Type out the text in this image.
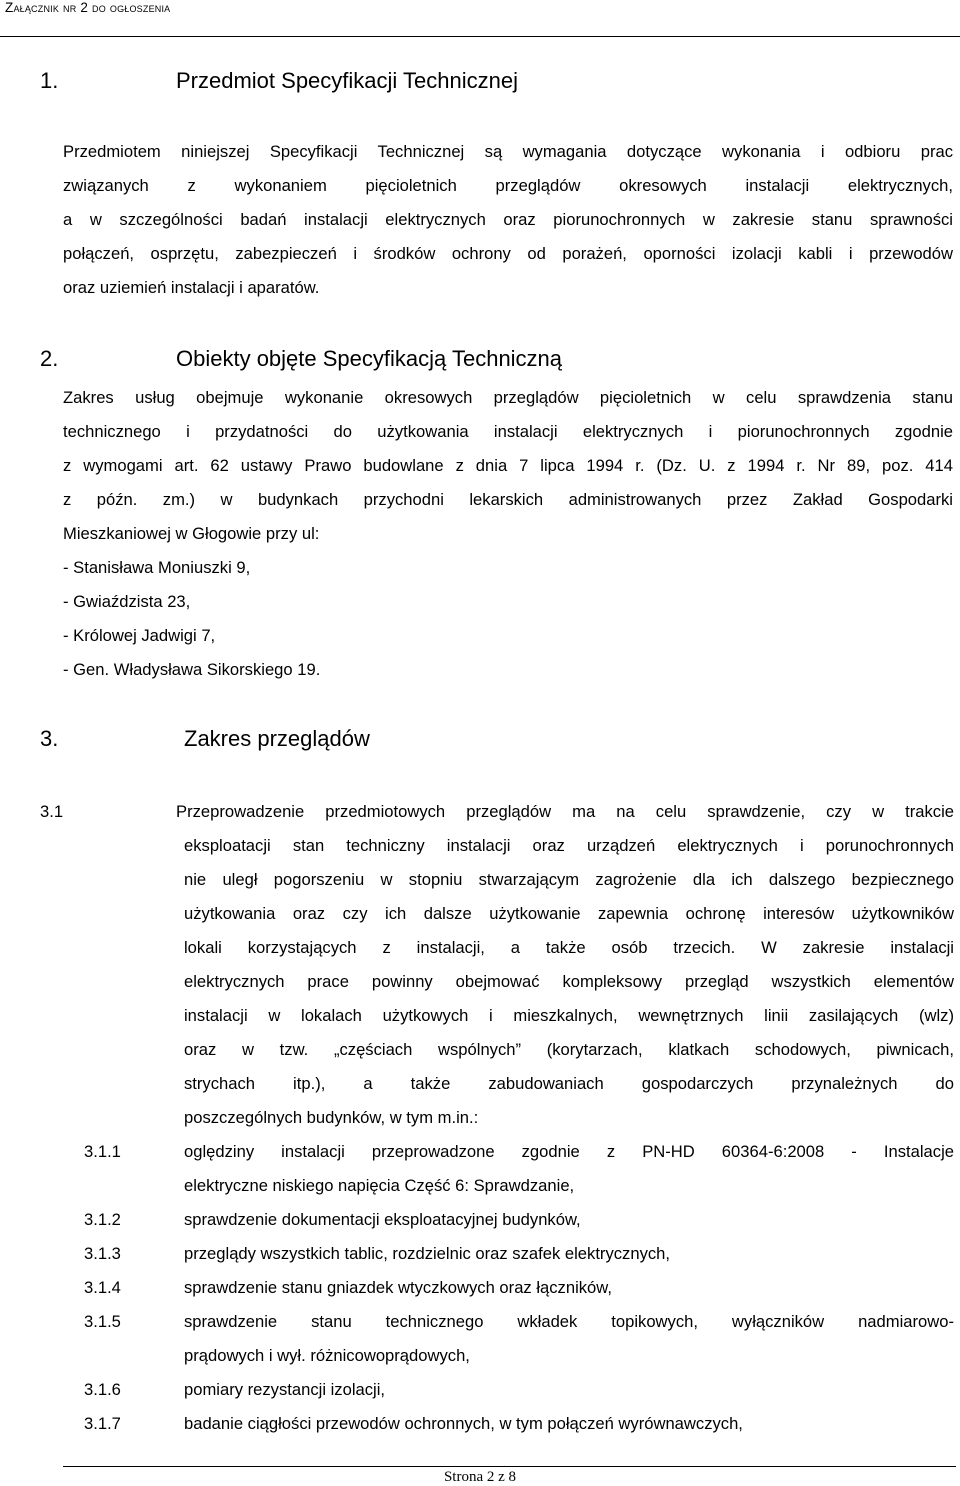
Załącznik nr 2 do ogłoszenia
1.	Przedmiot Specyfikacji Technicznej
Przedmiotem niniejszej Specyfikacji Technicznej są wymagania dotyczące wykonania i odbioru prac
związanych z wykonaniem pięcioletnich przeglądów okresowych instalacji elektrycznych,
a w szczególności badań instalacji elektrycznych oraz piorunochronnych w zakresie stanu sprawności
połączeń, osprzętu, zabezpieczeń i środków ochrony od porażeń, oporności izolacji kabli i przewodów
oraz uziemień instalacji i aparatów.
2.	Obiekty objęte Specyfikacją Techniczną
Zakres usług obejmuje wykonanie okresowych przeglądów pięcioletnich w celu sprawdzenia stanu
technicznego i przydatności do użytkowania instalacji elektrycznych i piorunochronnych zgodnie
z wymogami art. 62 ustawy Prawo budowlane z dnia 7 lipca 1994 r. (Dz. U. z 1994 r. Nr 89, poz. 414
z późn. zm.) w budynkach przychodni lekarskich administrowanych przez Zakład Gospodarki
Mieszkaniowej w Głogowie przy ul:
- Stanisława Moniuszki 9,
- Gwiaździsta 23,
- Królowej Jadwigi 7,
- Gen. Władysława Sikorskiego 19.
3.	Zakres przeglądów
3.1	Przeprowadzenie przedmiotowych przeglądów ma na celu sprawdzenie, czy w trakcie
eksploatacji stan techniczny instalacji oraz urządzeń elektrycznych i porunochronnych
nie uległ pogorszeniu w stopniu stwarzającym zagrożenie dla ich dalszego bezpiecznego
użytkowania oraz czy ich dalsze użytkowanie zapewnia ochronę interesów użytkowników
lokali korzystających z instalacji, a także osób trzecich. W zakresie instalacji
elektrycznych prace powinny obejmować kompleksowy przegląd wszystkich elementów
instalacji w lokalach użytkowych i mieszkalnych, wewnętrznych linii zasilających (wlz)
oraz w tzw. „częściach wspólnych” (korytarzach, klatkach schodowych, piwnicach,
strychach itp.), a także zabudowaniach gospodarczych przynależnych do
poszczególnych budynków, w tym m.in.:
3.1.1	oględziny instalacji przeprowadzone zgodnie z PN-HD 60364-6:2008 - Instalacje
elektryczne niskiego napięcia Część 6: Sprawdzanie,
3.1.2	sprawdzenie dokumentacji eksploatacyjnej budynków,
3.1.3	przeglądy wszystkich tablic, rozdzielnic oraz szafek elektrycznych,
3.1.4	sprawdzenie stanu gniazdek wtyczkowych oraz łączników,
3.1.5	sprawdzenie stanu technicznego wkładek topikowych, wyłączników nadmiarowo-
prądowych i wył. różnicowoprądowych,
3.1.6	pomiary rezystancji izolacji,
3.1.7	badanie ciągłości przewodów ochronnych, w tym połączeń wyrównawczych,
Strona 2 z 8
